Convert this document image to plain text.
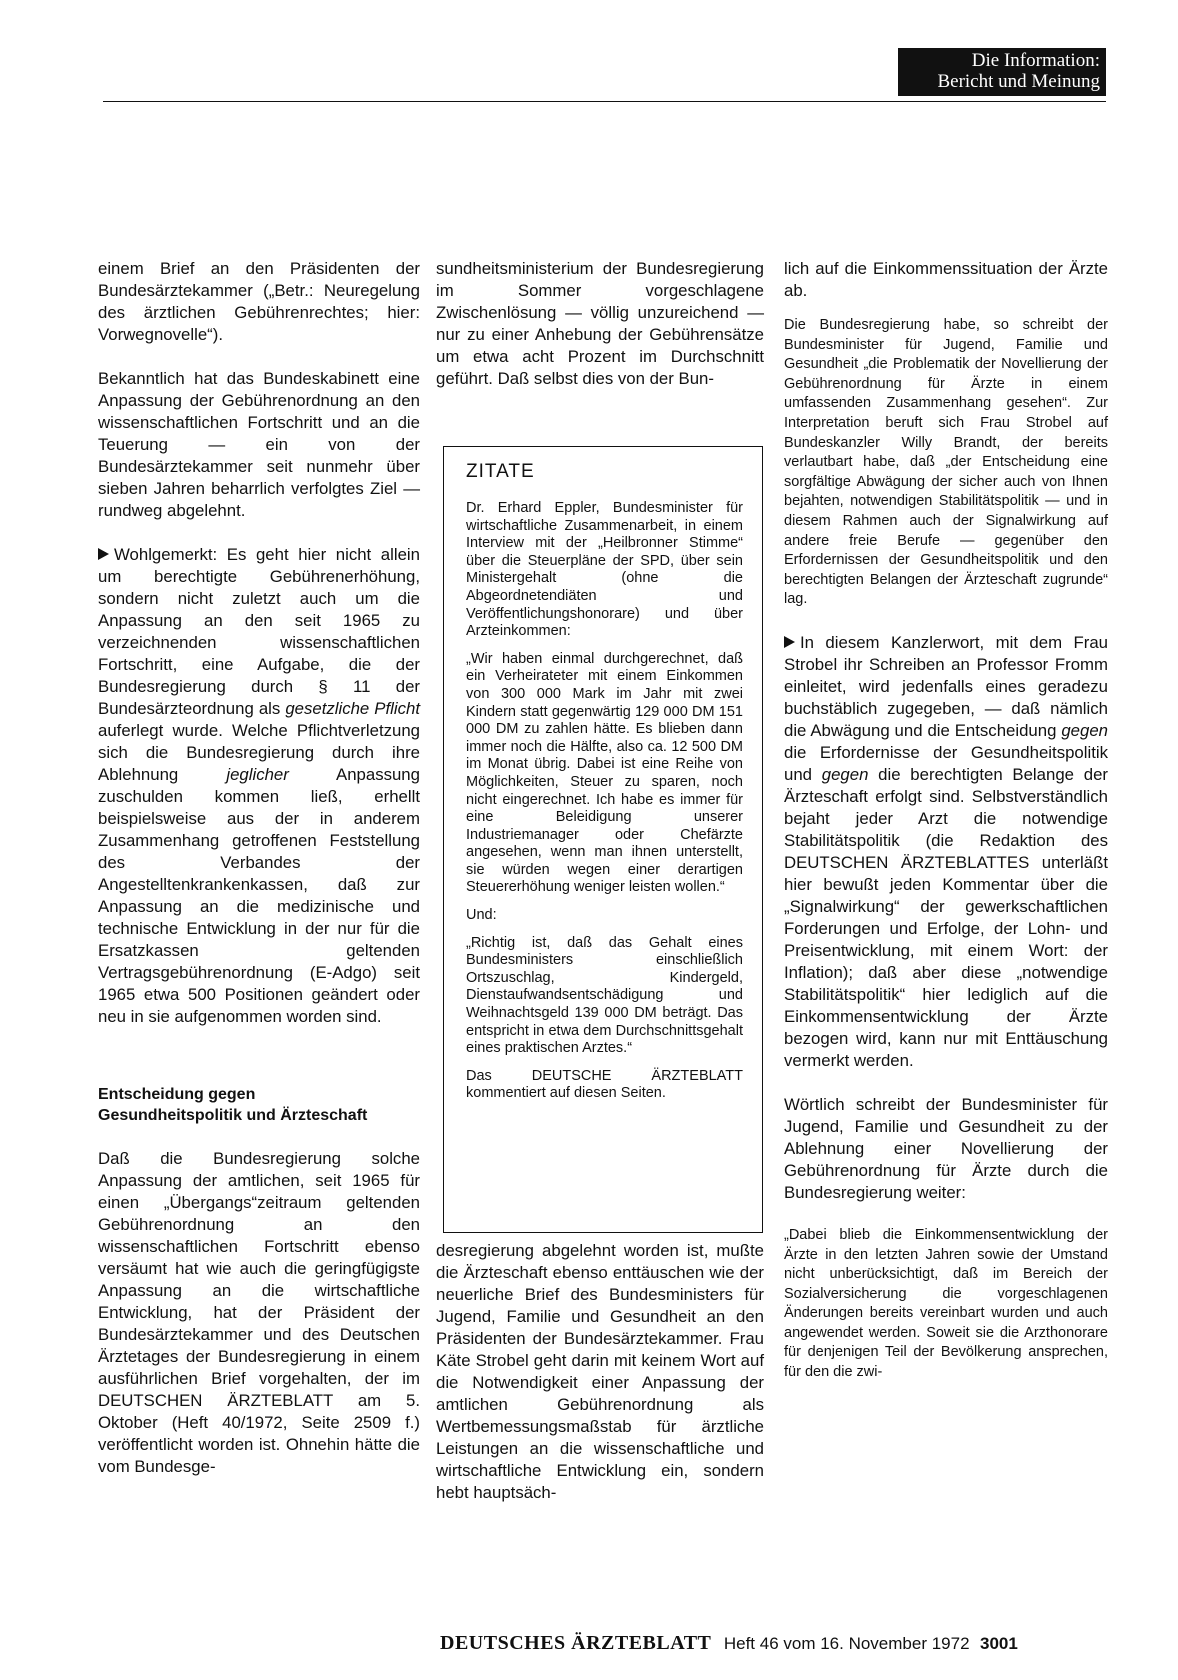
Die Information:
Bericht und Meinung

einem Brief an den Präsidenten der Bundesärztekammer („Betr.: Neuregelung des ärztlichen Gebührenrechtes; hier: Vorwegnovelle“).

Bekanntlich hat das Bundeskabinett eine Anpassung der Gebührenordnung an den wissenschaftlichen Fortschritt und an die Teuerung — ein von der Bundesärztekammer seit nunmehr über sieben Jahren beharrlich verfolgtes Ziel — rundweg abgelehnt.

Wohlgemerkt: Es geht hier nicht allein um berechtigte Gebührenerhöhung, sondern nicht zuletzt auch um die Anpassung an den seit 1965 zu verzeichnenden wissenschaftlichen Fortschritt, eine Aufgabe, die der Bundesregierung durch § 11 der Bundesärzteordnung als gesetzliche Pflicht auferlegt wurde. Welche Pflichtverletzung sich die Bundesregierung durch ihre Ablehnung	jeglicher	Anpassung zuschulden kommen ließ, erhellt beispielsweise aus der in anderem Zusammenhang getroffenen Feststellung des Verbandes der Angestelltenkrankenkassen, daß zur Anpassung an die medizinische und technische Entwicklung in der nur für die Ersatzkassen geltenden Vertragsgebührenordnung (E-Adgo) seit 1965 etwa 500 Positionen geändert oder neu in sie aufgenommen worden sind.

Entscheidung gegen
Gesundheitspolitik und Ärzteschaft

Daß die Bundesregierung solche Anpassung der amtlichen, seit 1965 für einen „Übergangs“zeitraum geltenden Gebührenordnung an den wissenschaftlichen Fortschritt ebenso versäumt hat wie auch die geringfügigste Anpassung an die wirtschaftliche Entwicklung, hat der Präsident der Bundesärztekammer und des Deutschen Ärztetages der Bundesregierung in einem ausführlichen Brief vorgehalten, der im DEUTSCHEN ÄRZTEBLATT am 5. Oktober (Heft 40/1972, Seite 2509 f.) veröffentlicht worden ist. Ohnehin hätte die vom Bundesge-

sundheitsministerium der Bundesregierung im Sommer vorgeschlagene Zwischenlösung — völlig unzureichend — nur zu einer Anhebung der Gebührensätze um etwa acht Prozent im Durchschnitt geführt. Daß selbst dies von der Bun-

ZITATE

Dr. Erhard Eppler, Bundesminister für wirtschaftliche Zusammenarbeit, in einem Interview mit der „Heilbronner Stimme“ über die Steuerpläne der SPD, über sein Ministergehalt (ohne die Abgeordnetendiäten und Veröffentlichungshonorare) und über Arzteinkommen:

„Wir haben einmal durchgerechnet, daß ein Verheirateter mit einem Einkommen von 300 000 Mark im Jahr mit zwei Kindern statt gegenwärtig 129 000 DM 151 000 DM zu zahlen hätte. Es blieben dann immer noch die Hälfte, also ca. 12 500 DM im Monat übrig. Dabei ist eine Reihe von Möglichkeiten, Steuer zu sparen, noch nicht eingerechnet. Ich habe es immer für eine Beleidigung unserer Industriemanager oder Chefärzte angesehen, wenn man ihnen unterstellt, sie würden wegen einer derartigen Steuererhöhung weniger leisten wollen.“

Und:

„Richtig ist, daß das Gehalt eines Bundesministers einschließlich Ortszuschlag, Kindergeld, Dienstaufwandsentschädigung und Weihnachtsgeld 139 000 DM beträgt. Das entspricht in etwa dem Durchschnittsgehalt eines praktischen Arztes.“

Das DEUTSCHE ÄRZTEBLATT kommentiert auf diesen Seiten.

desregierung abgelehnt worden ist, mußte die Ärzteschaft ebenso enttäuschen wie der neuerliche Brief des Bundesministers für Jugend, Familie und Gesundheit an den Präsidenten der Bundesärztekammer. Frau Käte Strobel geht darin mit keinem Wort auf die Notwendigkeit einer Anpassung der amtlichen Gebührenordnung als Wertbemessungsmaßstab für ärztliche Leistungen an die wissenschaftliche und wirtschaftliche Entwicklung ein, sondern hebt hauptsäch-

lich auf die Einkommenssituation der Ärzte ab.

Die Bundesregierung habe, so schreibt der Bundesminister für Jugend, Familie und Gesundheit „die Problematik der Novellierung der Gebührenordnung für Ärzte in einem umfassenden Zusammenhang gesehen“. Zur Interpretation beruft sich Frau Strobel auf Bundeskanzler Willy Brandt, der bereits verlautbart habe, daß „der Entscheidung eine sorgfältige Abwägung der sicher auch von Ihnen bejahten, notwendigen Stabilitätspolitik — und in diesem Rahmen auch der Signalwirkung auf andere freie Berufe — gegenüber den Erfordernissen der Gesundheitspolitik und den berechtigten Belangen der Ärzteschaft zugrunde“ lag.

In diesem Kanzlerwort, mit dem Frau Strobel ihr Schreiben an Professor Fromm einleitet, wird jedenfalls eines geradezu buchstäblich zugegeben, — daß nämlich die Abwägung und die Entscheidung gegen die Erfordernisse der Gesundheitspolitik und gegen die berechtigten Belange der Ärzteschaft erfolgt sind. Selbstverständlich bejaht jeder Arzt die notwendige Stabilitätspolitik (die Redaktion des DEUTSCHEN ÄRZTEBLATTES unterläßt hier bewußt jeden Kommentar über die „Signalwirkung“ der gewerkschaftlichen Forderungen und Erfolge, der Lohn- und Preisentwicklung, mit einem Wort: der Inflation); daß aber diese „notwendige Stabilitätspolitik“ hier lediglich auf die Einkommensentwicklung der Ärzte bezogen wird, kann nur mit Enttäuschung vermerkt werden.

Wörtlich schreibt der Bundesminister für Jugend, Familie und Gesundheit zu der Ablehnung einer Novellierung der Gebührenordnung für Ärzte durch die Bundesregierung weiter:

„Dabei blieb die Einkommensentwicklung der Ärzte in den letzten Jahren sowie der Umstand nicht unberücksichtigt, daß im Bereich der Sozialversicherung die vorgeschlagenen Änderungen bereits vereinbart wurden und auch angewendet werden. Soweit sie die Arzthonorare für denjenigen Teil der Bevölkerung ansprechen, für den die zwi-

DEUTSCHES ÄRZTEBLATT Heft 46 vom 16. November 1972 3001
